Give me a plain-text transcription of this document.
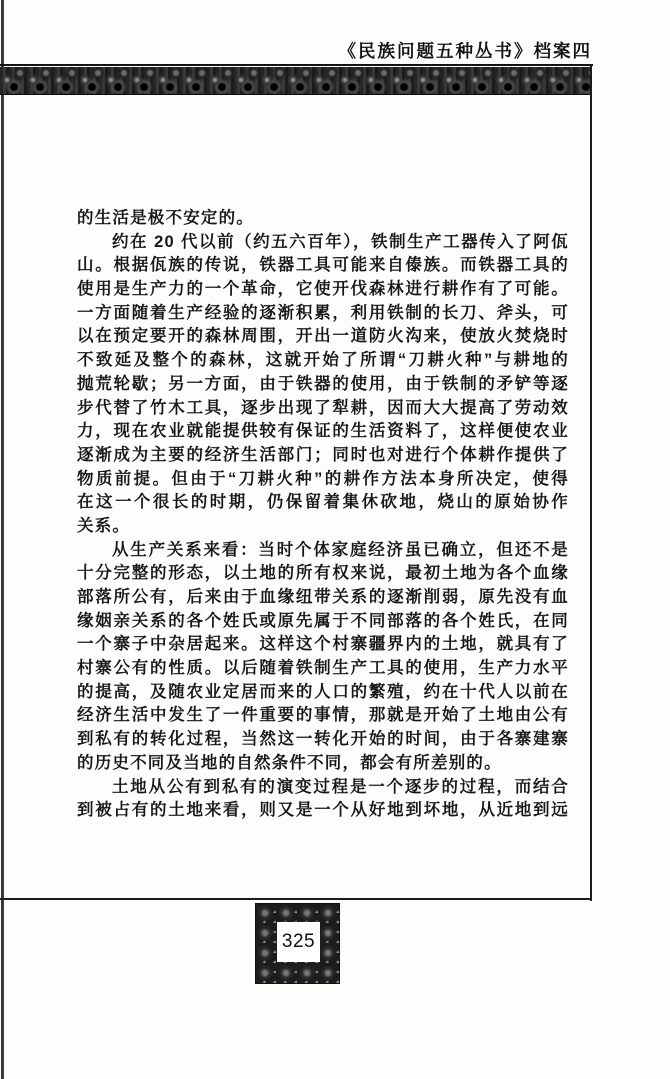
《民族问题五种丛书》档案四
的生活是极不安定的。
约在 20 代以前（约五六百年），铁制生产工器传入了阿佤
山。根据佤族的传说，铁器工具可能来自傣族。而铁器工具的
使用是生产力的一个革命，它使开伐森林进行耕作有了可能。
一方面随着生产经验的逐渐积累，利用铁制的长刀、斧头，可
以在预定要开的森林周围，开出一道防火沟来，使放火焚烧时
不致延及整个的森林，这就开始了所谓“刀耕火种”与耕地的
抛荒轮歇；另一方面，由于铁器的使用，由于铁制的矛铲等逐
步代替了竹木工具，逐步出现了犁耕，因而大大提高了劳动效
力，现在农业就能提供较有保证的生活资料了，这样便使农业
逐渐成为主要的经济生活部门；同时也对进行个体耕作提供了
物质前提。但由于“刀耕火种”的耕作方法本身所决定，使得
在这一个很长的时期，仍保留着集休砍地，烧山的原始协作
关系。
从生产关系来看：当时个体家庭经济虽已确立，但还不是
十分完整的形态，以土地的所有权来说，最初土地为各个血缘
部落所公有，后来由于血缘纽带关系的逐渐削弱，原先没有血
缘姻亲关系的各个姓氏或原先属于不同部落的各个姓氏，在同
一个寨子中杂居起来。这样这个村寨疆界内的土地，就具有了
村寨公有的性质。以后随着铁制生产工具的使用，生产力水平
的提高，及随农业定居而来的人口的繁殖，约在十代人以前在
经济生活中发生了一件重要的事情，那就是开始了土地由公有
到私有的转化过程，当然这一转化开始的时间，由于各寨建寨
的历史不同及当地的自然条件不同，都会有所差别的。
土地从公有到私有的演变过程是一个逐步的过程，而结合
到被占有的土地来看，则又是一个从好地到坏地，从近地到远
325
